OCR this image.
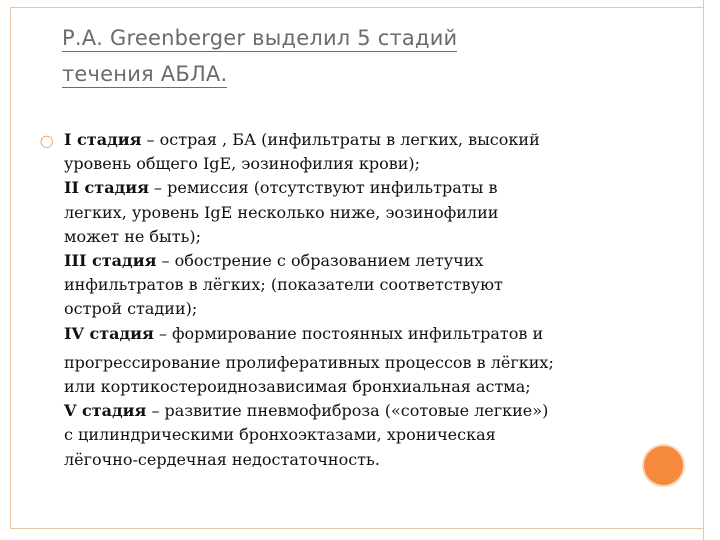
Р.А. Greenberger выделил 5 стадий
течения АБЛА.
◯ I стадия – острая , БА (инфильтраты в легких, высокий
уровень общего IgE, эозинофилия крови);
II стадия – ремиссия (отсутствуют инфильтраты в
легких, уровень IgE несколько ниже, эозинофилии
может не быть);
III стадия – обострение с образованием летучих
инфильтратов в лёгких; (показатели соответствуют
острой стадии);
IV стадия – формирование постоянных инфильтратов и
прогрессирование пролиферативных процессов в лёгких;
или кортикостероиднозависимая бронхиальная астма;
V стадия – развитие пневмофиброза («сотовые легкие»)
с цилиндрическими бронхоэктазами, хроническая
лёгочно-сердечная недостаточность.
